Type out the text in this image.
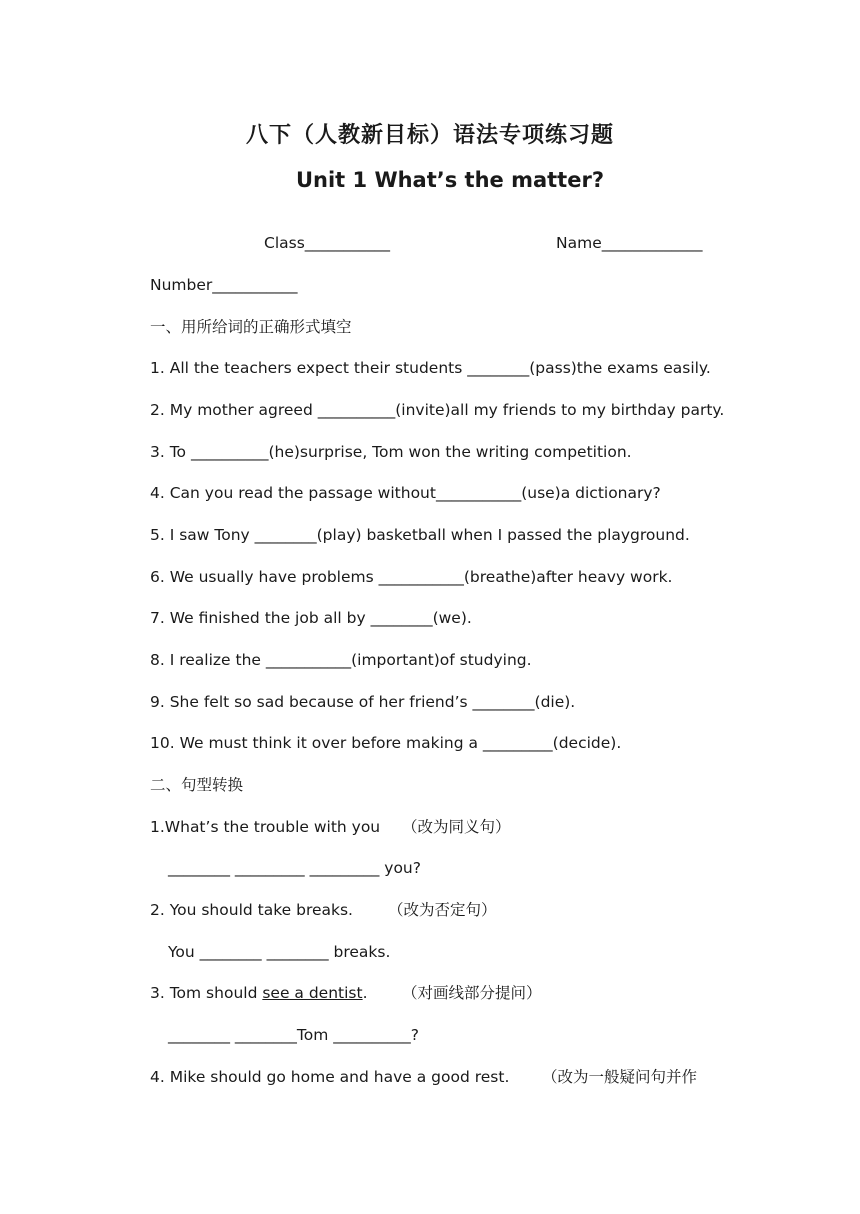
八下（人教新目标）语法专项练习题
Unit 1 What’s the matter?
Class___________	Name_____________
Number___________
一、用所给词的正确形式填空
1. All the teachers expect their students ________(pass)the exams easily.
2. My mother agreed __________(invite)all my friends to my birthday party.
3. To __________(he)surprise, Tom won the writing competition.
4. Can you read the passage without___________(use)a dictionary?
5. I saw Tony ________(play) basketball when I passed the playground.
6. We usually have problems ___________(breathe)after heavy work.
7. We finished the job all by ________(we).
8. I realize the ___________(important)of studying.
9. She felt so sad because of her friend’s ________(die).
10. We must think it over before making a _________(decide).
二、句型转换
1.What’s the trouble with you （改为同义句）
________ _________ _________ you?
2. You should take breaks. （改为否定句）
You ________ ________ breaks.
3. Tom should see a dentist. （对画线部分提问）
________ ________Tom __________?
4. Mike should go home and have a good rest. （改为一般疑问句并作
